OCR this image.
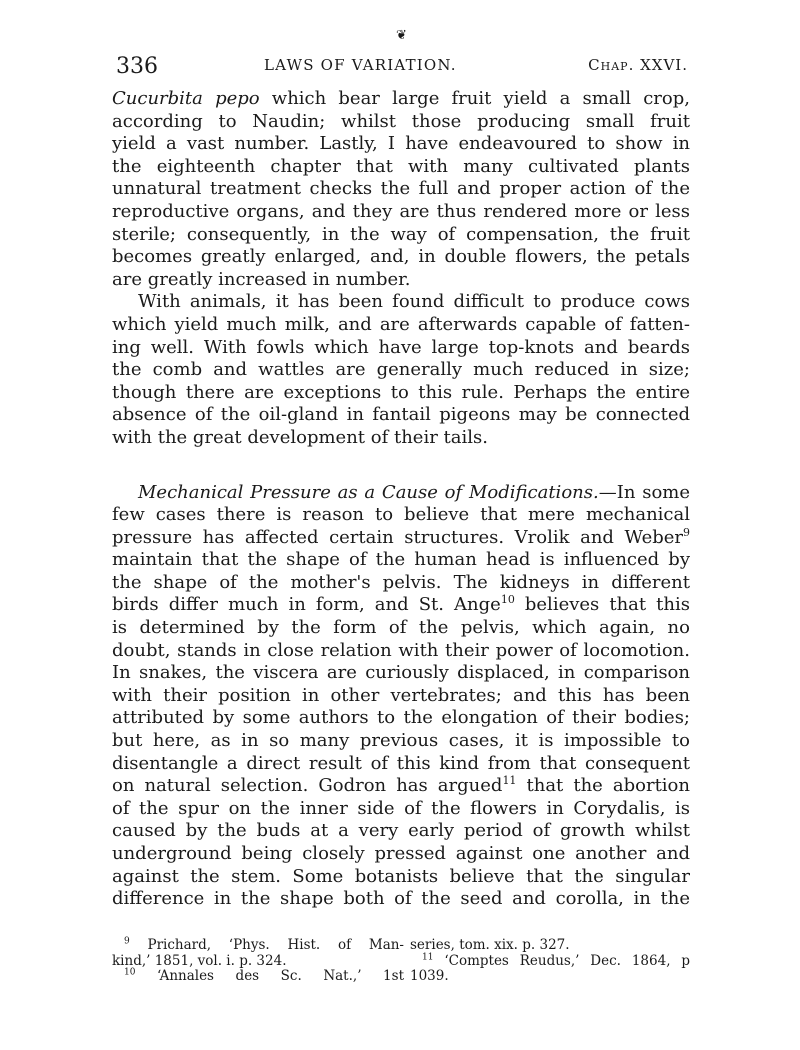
❦
336	LAWS OF VARIATION.	Chap. XXVI.
Cucurbita pepo which bear large fruit yield a small crop,
according to Naudin; whilst those producing small fruit
yield a vast number. Lastly, I have endeavoured to show in
the eighteenth chapter that with many cultivated plants
unnatural treatment checks the full and proper action of the
reproductive organs, and they are thus rendered more or less
sterile; consequently, in the way of compensation, the fruit
becomes greatly enlarged, and, in double flowers, the petals
are greatly increased in number.
With animals, it has been found difficult to produce cows
which yield much milk, and are afterwards capable of fatten-
ing well. With fowls which have large top-knots and beards
the comb and wattles are generally much reduced in size;
though there are exceptions to this rule. Perhaps the entire
absence of the oil-gland in fantail pigeons may be connected
with the great development of their tails.
Mechanical Pressure as a Cause of Modifications.—In some
few cases there is reason to believe that mere mechanical
pressure has affected certain structures. Vrolik and Weber$^9$
maintain that the shape of the human head is influenced by
the shape of the mother's pelvis. The kidneys in different
birds differ much in form, and St. Ange$^{10}$ believes that this
is determined by the form of the pelvis, which again, no
doubt, stands in close relation with their power of locomotion.
In snakes, the viscera are curiously displaced, in comparison
with their position in other vertebrates; and this has been
attributed by some authors to the elongation of their bodies;
but here, as in so many previous cases, it is impossible to
disentangle a direct result of this kind from that consequent
on natural selection. Godron has argued$^{11}$ that the abortion
of the spur on the inner side of the flowers in Corydalis, is
caused by the buds at a very early period of growth whilst
underground being closely pressed against one another and
against the stem. Some botanists believe that the singular
difference in the shape both of the seed and corolla, in the
$^9$ Prichard, ‘Phys. Hist. of Man-
kind,’ 1851, vol. i. p. 324.
$^{10}$ ‘Annales des Sc. Nat.,’ 1st
series, tom. xix. p. 327.
$^{11}$ ‘Comptes Reudus,’ Dec. 1864, p
1039.
